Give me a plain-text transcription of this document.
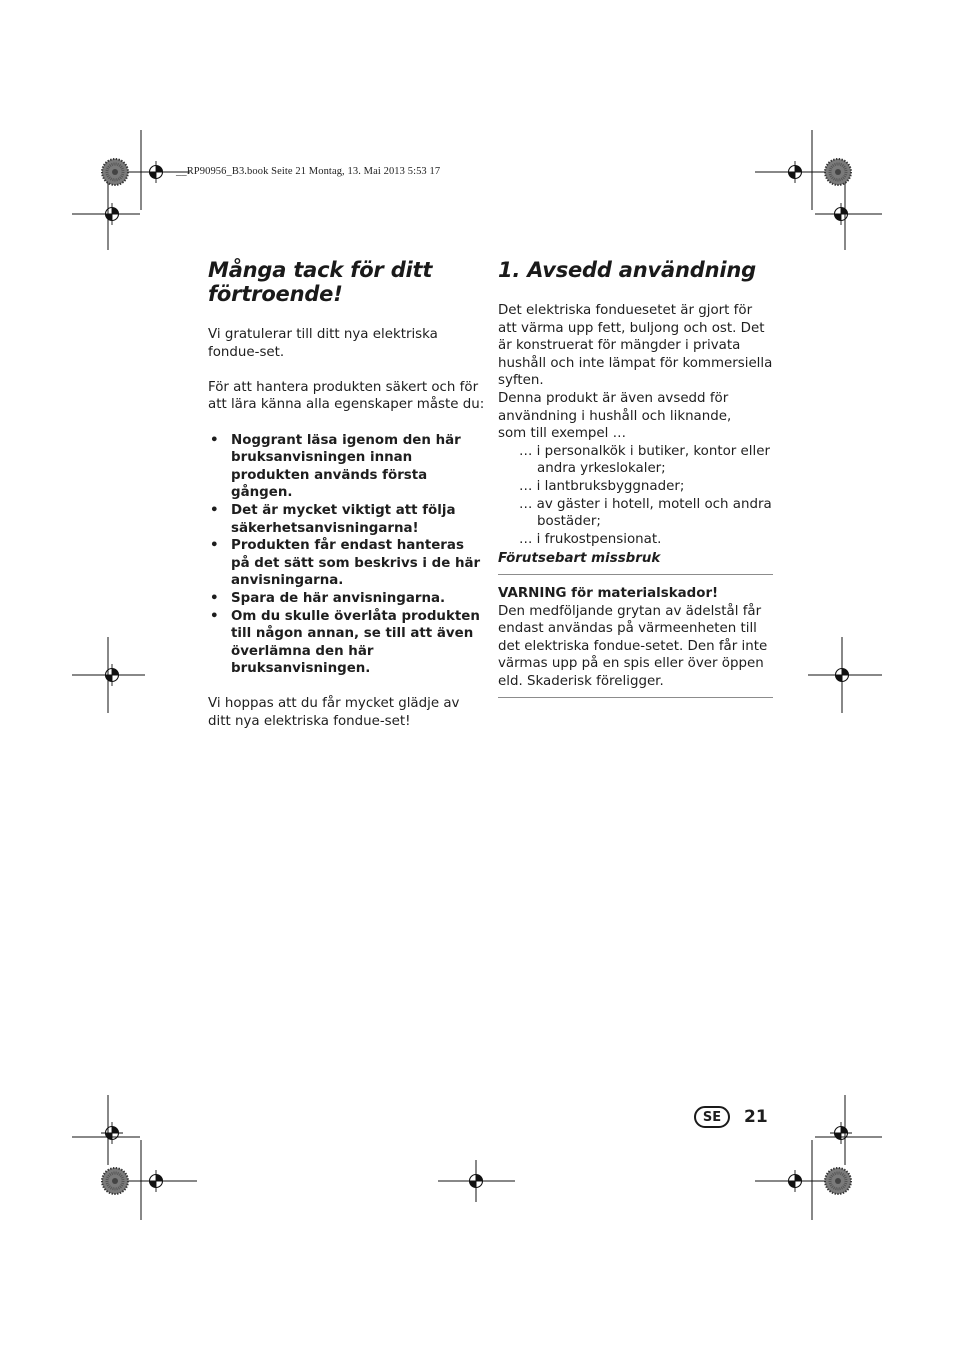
__RP90956_B3.book Seite 21 Montag, 13. Mai 2013 5:53 17
Många tack för ditt förtroende!

Vi gratulerar till ditt nya elektriska fondue-set.

För att hantera produkten säkert och för att lära känna alla egenskaper måste du:

• Noggrant läsa igenom den här bruksanvisningen innan produkten används första gången.
• Det är mycket viktigt att följa säkerhetsanvisningarna!
• Produkten får endast hanteras på det sätt som beskrivs i de här anvisningarna.
• Spara de här anvisningarna.
• Om du skulle överlåta produkten till någon annan, se till att även överlämna den här bruksanvisningen.

Vi hoppas att du får mycket glädje av ditt nya elektriska fondue-set!

1. Avsedd användning

Det elektriska fonduesetet är gjort för att värma upp fett, buljong och ost. Det är konstruerat för mängder i privata hushåll och inte lämpat för kommersiella syften.

Denna produkt är även avsedd för användning i hushåll och liknande,

som till exempel …

… i personalkök i butiker, kontor eller andra yrkeslokaler;
… i lantbruksbyggnader;
… av gäster i hotell, motell och andra bostäder;
… i frukostpensionat.

Förutsebart missbruk

VARNING för materialskador!

Den medföljande grytan av ädelstål får endast användas på värmeenheten till det elektriska fondue-setet. Den får inte värmas upp på en spis eller över öppen eld. Skaderisk föreligger.

SE	21
